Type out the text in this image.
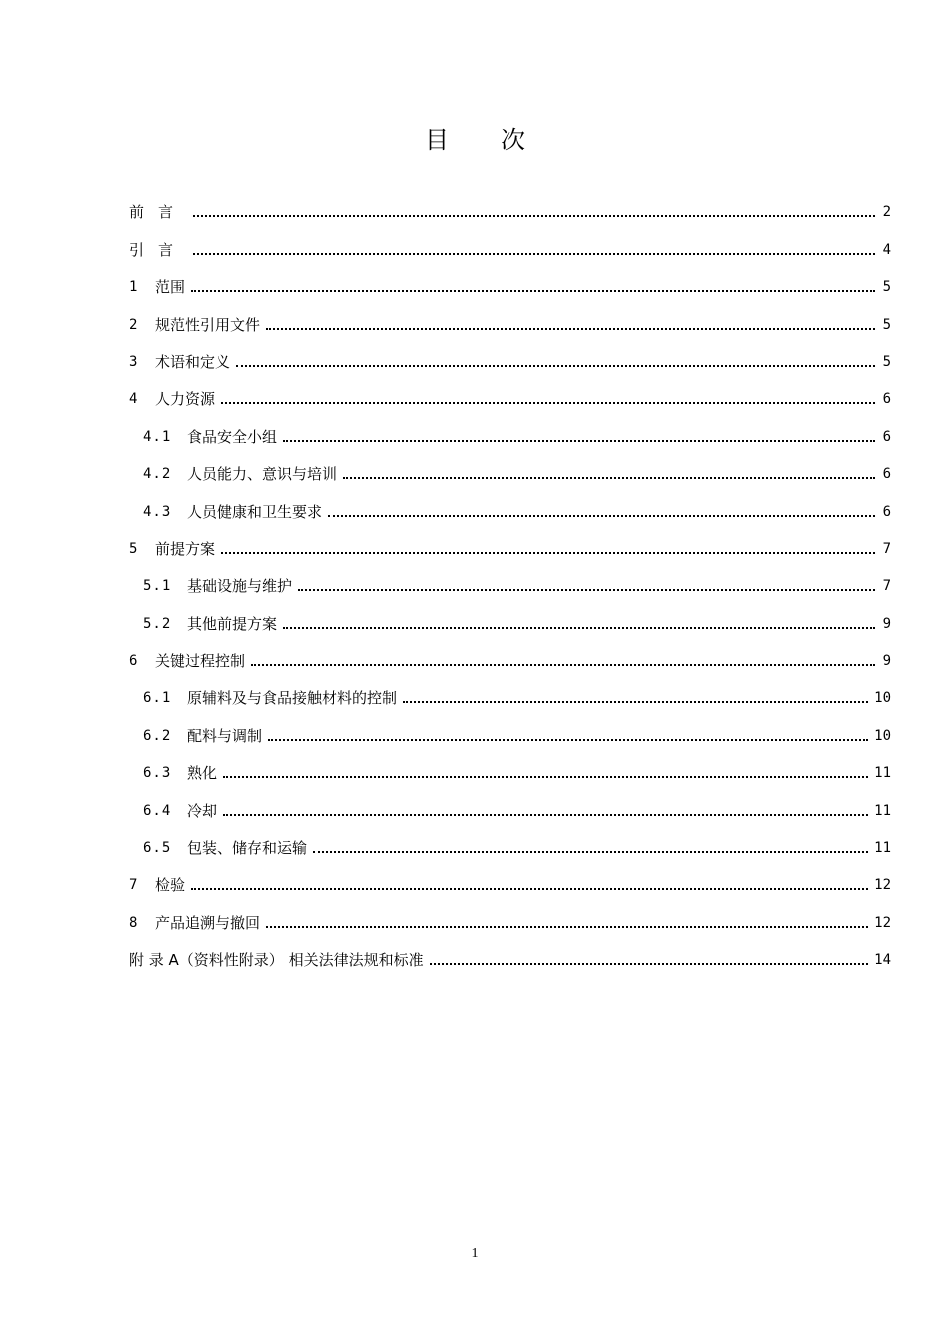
目次
前言	2
引言	4
1	范围	5
2	规范性引用文件	5
3	术语和定义	5
4	人力资源	6
4.1	食品安全小组	6
4.2	人员能力、意识与培训	6
4.3	人员健康和卫生要求	6
5	前提方案	7
5.1	基础设施与维护	7
5.2	其他前提方案	9
6	关键过程控制	9
6.1	原辅料及与食品接触材料的控制	10
6.2	配料与调制	10
6.3	熟化	11
6.4	冷却	11
6.5	包装、储存和运输	11
7	检验	12
8	产品追溯与撤回	12
附 录 A（资料性附录） 相关法律法规和标准	14
1
